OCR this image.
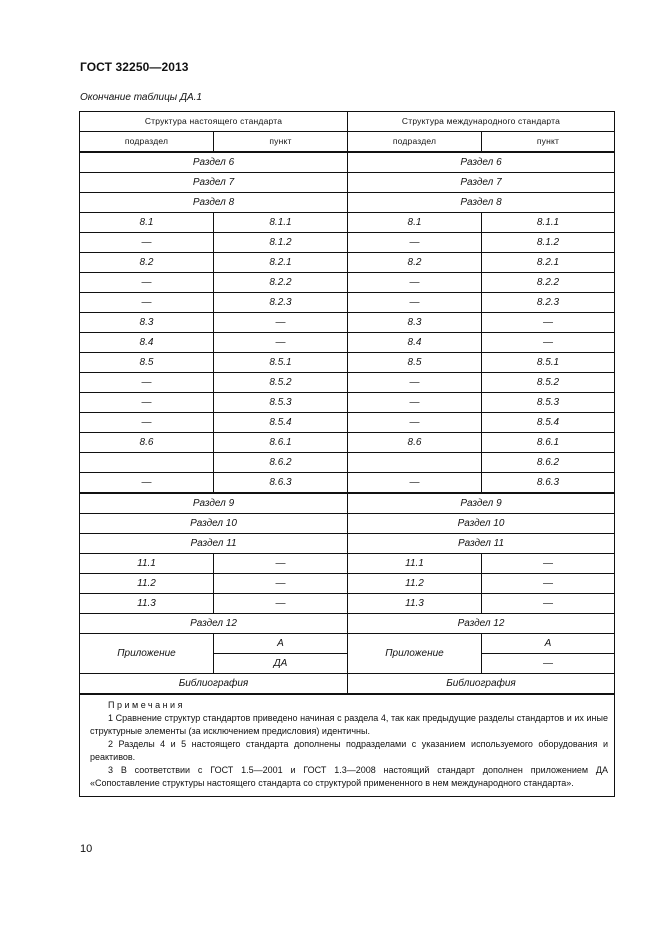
ГОСТ 32250—2013
Окончание таблицы ДА.1
Структура настоящего стандарта		Структура международного стандарта	
подраздел	пункт	подраздел	пункт
Раздел 6		Раздел 6	
Раздел 7		Раздел 7	
Раздел 8		Раздел 8	
8.1	8.1.1	8.1	8.1.1
—	8.1.2	—	8.1.2
8.2	8.2.1	8.2	8.2.1
—	8.2.2	—	8.2.2
—	8.2.3	—	8.2.3
8.3	—	8.3	—
8.4	—	8.4	—
8.5	8.5.1	8.5	8.5.1
—	8.5.2	—	8.5.2
—	8.5.3	—	8.5.3
—	8.5.4	—	8.5.4
8.6	8.6.1	8.6	8.6.1
	8.6.2		8.6.2
—	8.6.3	—	8.6.3
Раздел 9		Раздел 9	
Раздел 10		Раздел 10	
Раздел 11		Раздел 11	
11.1	—	11.1	—
11.2	—	11.2	—
11.3	—	11.3	—
Раздел 12		Раздел 12	
Приложение	А	Приложение	А
	ДА		—
Библиография		Библиография	

Примечания
1 Сравнение структур стандартов приведено начиная с раздела 4, так как предыдущие разделы стандартов и их иные структурные элементы (за исключением предисловия) идентичны.
2 Разделы 4 и 5 настоящего стандарта дополнены подразделами с указанием используемого оборудования и реактивов.
3 В соответствии с ГОСТ 1.5—2001 и ГОСТ 1.3—2008 настоящий стандарт дополнен приложением ДА «Сопоставление структуры настоящего стандарта со структурой примененного в нем международного стандарта».			
10
